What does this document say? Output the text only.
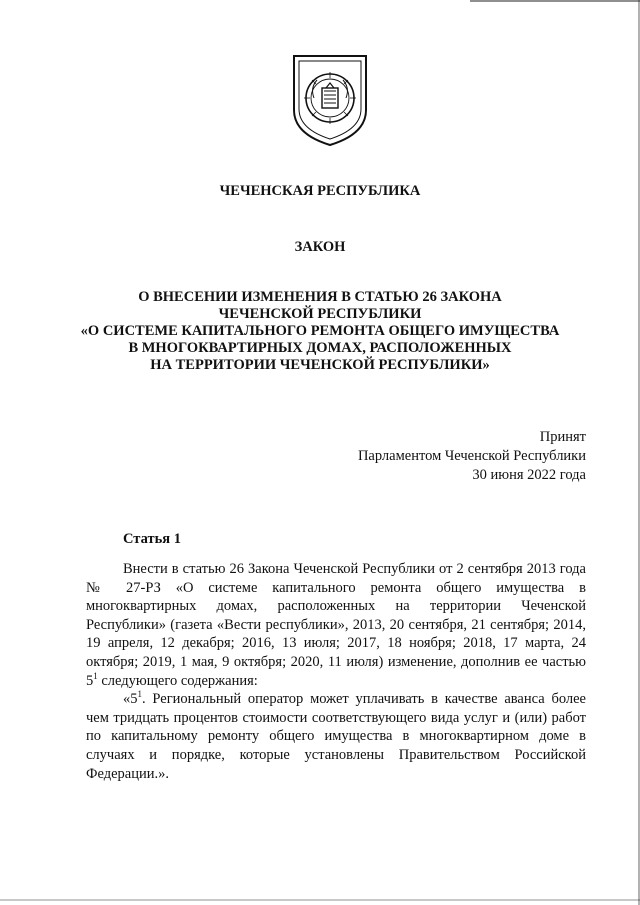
ЧЕЧЕНСКАЯ РЕСПУБЛИКА
ЗАКОН
О ВНЕСЕНИИ ИЗМЕНЕНИЯ В СТАТЬЮ 26 ЗАКОНА
ЧЕЧЕНСКОЙ РЕСПУБЛИКИ
«О СИСТЕМЕ КАПИТАЛЬНОГО РЕМОНТА ОБЩЕГО ИМУЩЕСТВА
В МНОГОКВАРТИРНЫХ ДОМАХ, РАСПОЛОЖЕННЫХ
НА ТЕРРИТОРИИ ЧЕЧЕНСКОЙ РЕСПУБЛИКИ»
Принят
Парламентом Чеченской Республики
30 июня 2022 года
Статья 1

Внести в статью 26 Закона Чеченской Республики от 2 сентября 2013 года № 27-РЗ «О системе капитального ремонта общего имущества в многоквартирных домах, расположенных на территории Чеченской Республики» (газета «Вести республики», 2013, 20 сентября, 21 сентября; 2014, 19 апреля, 12 декабря; 2016, 13 июля; 2017, 18 ноября; 2018, 17 марта, 24 октября; 2019, 1 мая, 9 октября; 2020, 11 июля) изменение, дополнив ее частью $5^1$ следующего содержания:

«$5^1$. Региональный оператор может уплачивать в качестве аванса более чем тридцать процентов стоимости соответствующего вида услуг и (или) работ по капитальному ремонту общего имущества в многоквартирном доме в случаях и порядке, которые установлены Правительством Российской Федерации.».
